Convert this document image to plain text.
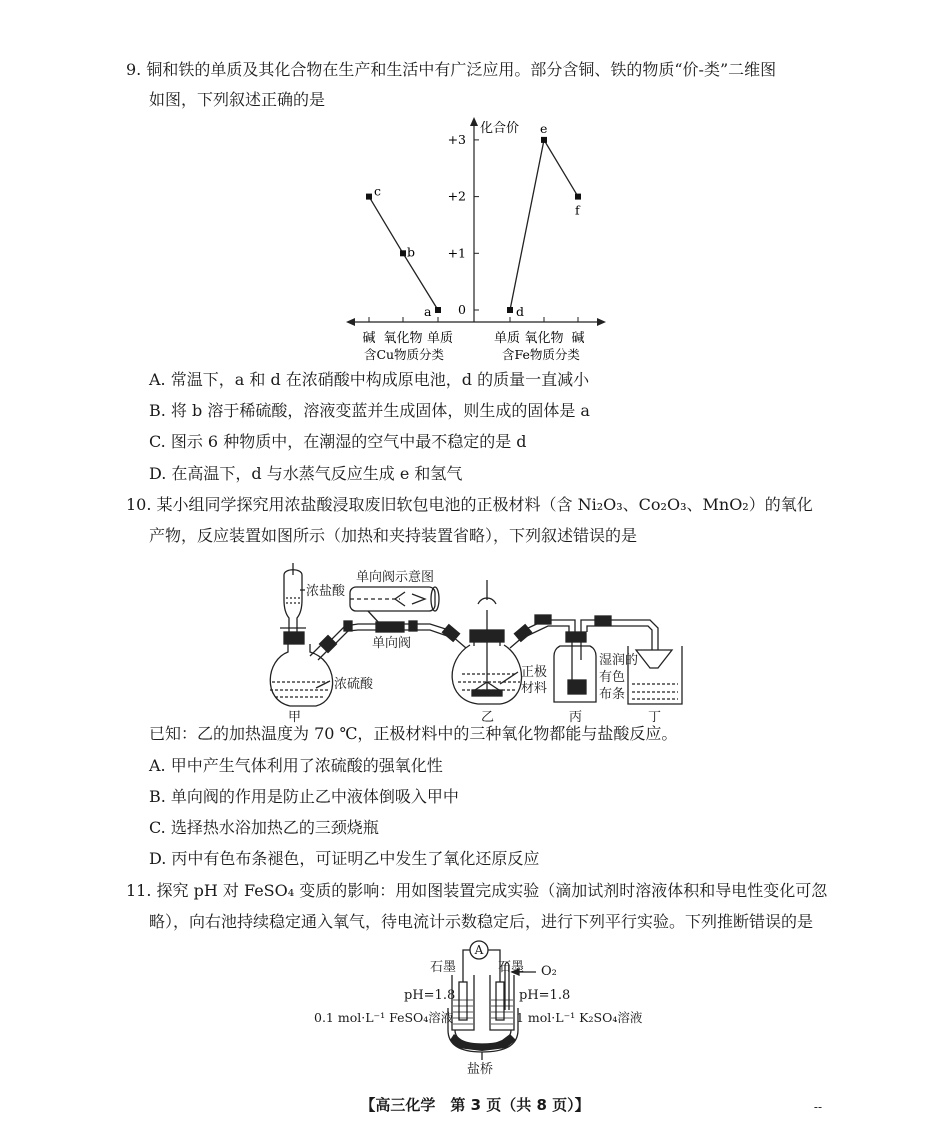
9. 铜和铁的单质及其化合物在生产和生活中有广泛应用。部分含铜、铁的物质“价-类”二维图
如图，下列叙述正确的是
化合价
+3
+2
+1
0
碱 氧化物 单质	单质 氧化物 碱
含Cu物质分类	含Fe物质分类
c
b
a	d
e
f
A. 常温下，a 和 d 在浓硝酸中构成原电池，d 的质量一直减小
B. 将 b 溶于稀硫酸，溶液变蓝并生成固体，则生成的固体是 a
C. 图示 6 种物质中，在潮湿的空气中最不稳定的是 d
D. 在高温下，d 与水蒸气反应生成 e 和氢气
10. 某小组同学探究用浓盐酸浸取废旧软包电池的正极材料（含 Ni₂O₃、Co₂O₃、MnO₂）的氧化
产物，反应装置如图所示（加热和夹持装置省略），下列叙述错误的是
浓盐酸
单向阀示意图
单向阀
浓硫酸
正极
材料
湿润的
有色
布条
甲	乙	丙	丁
已知：乙的加热温度为 70 ℃，正极材料中的三种氧化物都能与盐酸反应。
A. 甲中产生气体利用了浓硫酸的强氧化性
B. 单向阀的作用是防止乙中液体倒吸入甲中
C. 选择热水浴加热乙的三颈烧瓶
D. 丙中有色布条褪色，可证明乙中发生了氧化还原反应
11. 探究 pH 对 FeSO₄ 变质的影响：用如图装置完成实验（滴加试剂时溶液体积和导电性变化可忽
略），向右池持续稳定通入氧气，待电流计示数稳定后，进行下列平行实验。下列推断错误的是
A
石墨	石墨 O₂
pH=1.8	pH=1.8
0.1 mol·L⁻¹ FeSO₄溶液	1 mol·L⁻¹ K₂SO₄溶液
盐桥
【高三化学　第 3 页（共 8 页）】	--
